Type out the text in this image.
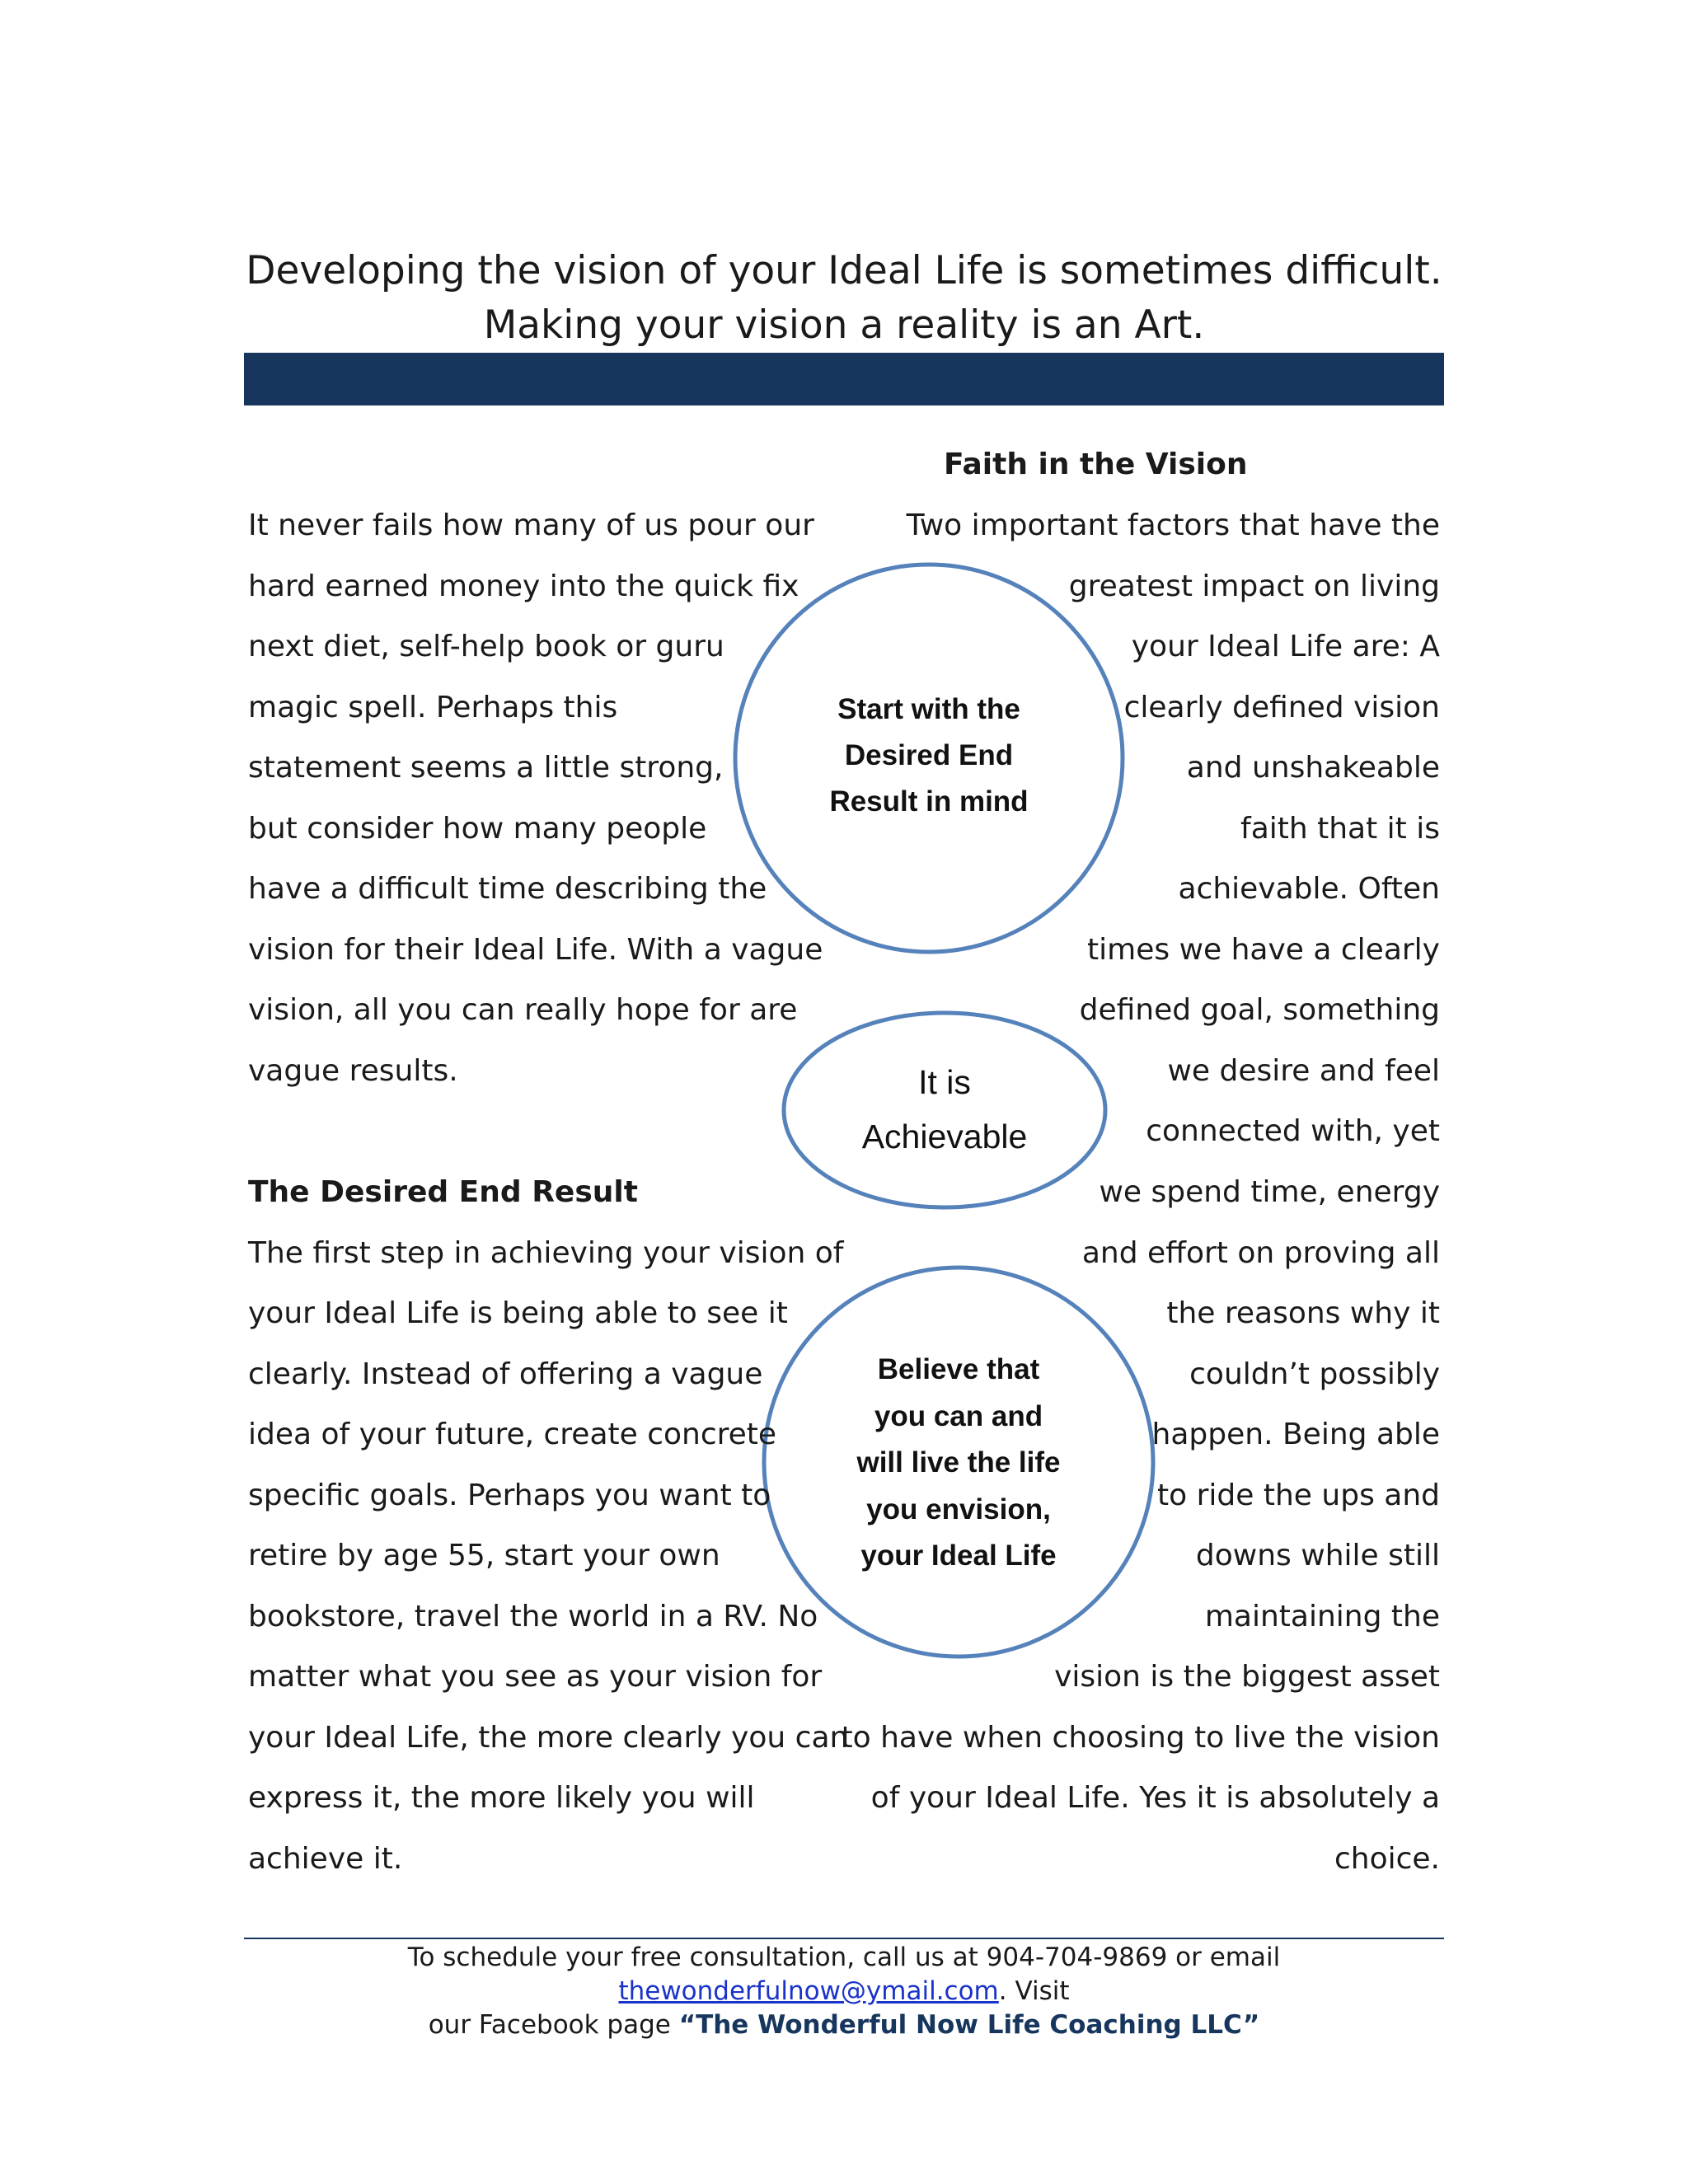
Developing the vision of your Ideal Life is sometimes difficult.
Making your vision a reality is an Art.
Start with the
Desired End
Result in mind
It is
Achievable
Believe that
you can and
will live the life
you envision,
your Ideal Life
It never fails how many of us pour our
hard earned money into the quick fix
next diet, self-help book or guru
magic spell. Perhaps this
statement seems a little strong,
but consider how many people
have a difficult time describing the
vision for their Ideal Life. With a vague
vision, all you can really hope for are
vague results.
The Desired End Result
The first step in achieving your vision of
your Ideal Life is being able to see it
clearly. Instead of offering a vague
idea of your future, create concrete
specific goals. Perhaps you want to
retire by age 55, start your own
bookstore, travel the world in a RV. No
matter what you see as your vision for
your Ideal Life, the more clearly you can
express it, the more likely you will
achieve it.
Faith in the Vision
Two important factors that have the
greatest impact on living
your Ideal Life are: A
clearly defined vision
and unshakeable
faith that it is
achievable. Often
times we have a clearly
defined goal, something
we desire and feel
connected with, yet
we spend time, energy
and effort on proving all
the reasons why it
couldn’t possibly
happen. Being able
to ride the ups and
downs while still
maintaining the
vision is the biggest asset
to have when choosing to live the vision
of your Ideal Life. Yes it is absolutely a
choice.
To schedule your free consultation, call us at 904-704-9869 or email thewonderfulnow@ymail.com. Visit
our Facebook page “The Wonderful Now Life Coaching LLC”
